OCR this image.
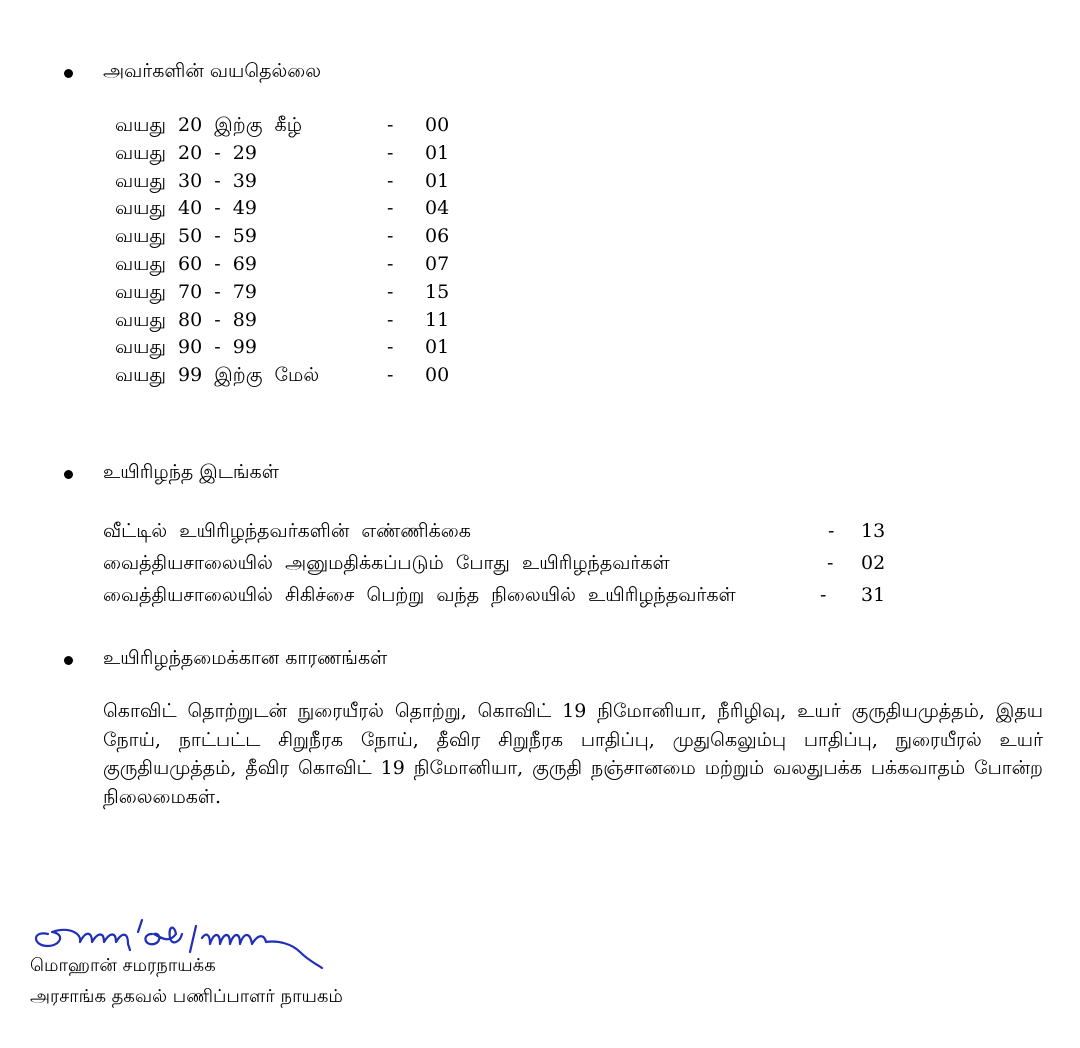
அவர்களின் வயதெல்லை
வயது  20  இற்கு  கீழ்	- 00
வயது  20  -  29	- 01
வயது  30  -  39	- 01
வயது  40  -  49	- 04
வயது  50  -  59	- 06
வயது  60  -  69	- 07
வயது  70  -  79	- 15
வயது  80  -  89	- 11
வயது  90  -  99	- 01
வயது  99  இற்கு  மேல்	- 00
உயிரிழந்த இடங்கள்
வீட்டில்  உயிரிழந்தவர்களின்  எண்ணிக்கை	- 13
வைத்தியசாலையில்  அனுமதிக்கப்படும்  போது  உயிரிழந்தவர்கள்	- 02
வைத்தியசாலையில்  சிகிச்சை  பெற்று  வந்த  நிலையில்  உயிரிழந்தவர்கள்	- 31
உயிரிழந்தமைக்கான காரணங்கள்
கொவிட் தொற்றுடன் நுரையீரல் தொற்று, கொவிட் 19 நிமோனியா, நீரிழிவு, உயர் குருதியமுத்தம், இதய நோய், நாட்பட்ட சிறுநீரக நோய், தீவிர சிறுநீரக பாதிப்பு, முதுகெலும்பு பாதிப்பு, நுரையீரல் உயர் குருதியமுத்தம், தீவிர கொவிட் 19 நிமோனியா, குருதி நஞ்சானமை மற்றும் வலதுபக்க பக்கவாதம் போன்ற நிலைமைகள்.
மொஹான் சமரநாயக்க
அரசாங்க தகவல் பணிப்பாளர் நாயகம்
